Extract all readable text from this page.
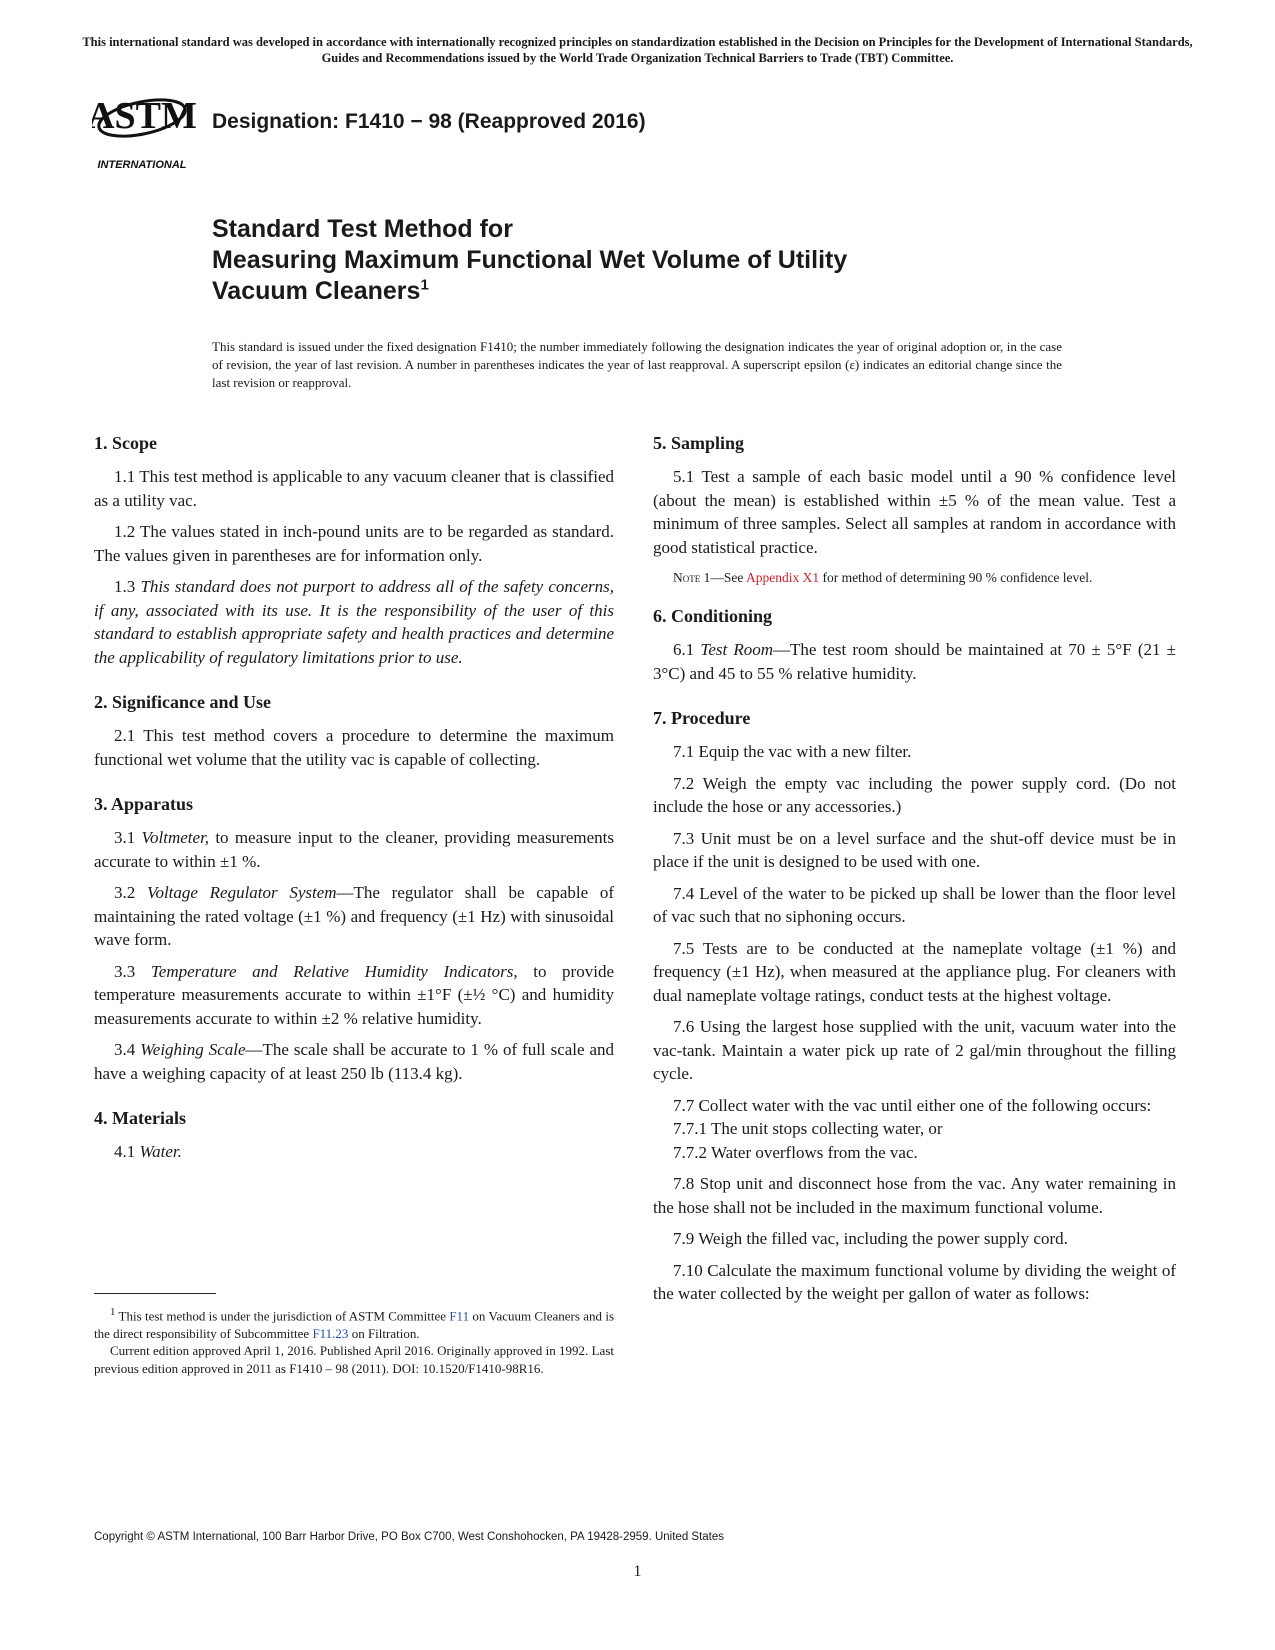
This international standard was developed in accordance with internationally recognized principles on standardization established in the Decision on Principles for the Development of International Standards, Guides and Recommendations issued by the World Trade Organization Technical Barriers to Trade (TBT) Committee.
ASTM
INTERNATIONAL
Designation: F1410 − 98 (Reapproved 2016)
Standard Test Method for
Measuring Maximum Functional Wet Volume of Utility
Vacuum Cleaners$^1$
This standard is issued under the fixed designation F1410; the number immediately following the designation indicates the year of original adoption or, in the case of revision, the year of last revision. A number in parentheses indicates the year of last reapproval. A superscript epsilon (ε) indicates an editorial change since the last revision or reapproval.
1. Scope

1.1 This test method is applicable to any vacuum cleaner that is classified as a utility vac.

1.2 The values stated in inch-pound units are to be regarded as standard. The values given in parentheses are for information only.

1.3 This standard does not purport to address all of the safety concerns, if any, associated with its use. It is the responsibility of the user of this standard to establish appropriate safety and health practices and determine the applicability of regulatory limitations prior to use.

2. Significance and Use

2.1 This test method covers a procedure to determine the maximum functional wet volume that the utility vac is capable of collecting.

3. Apparatus

3.1 Voltmeter, to measure input to the cleaner, providing measurements accurate to within ±1 %.

3.2 Voltage Regulator System—The regulator shall be capable of maintaining the rated voltage (±1 %) and frequency (±1 Hz) with sinusoidal wave form.

3.3 Temperature and Relative Humidity Indicators, to provide temperature measurements accurate to within ±1°F (±½ °C) and humidity measurements accurate to within ±2 % relative humidity.

3.4 Weighing Scale—The scale shall be accurate to 1 % of full scale and have a weighing capacity of at least 250 lb (113.4 kg).

4. Materials

4.1 Water.

$^1$ This test method is under the jurisdiction of ASTM Committee F11 on Vacuum Cleaners and is the direct responsibility of Subcommittee F11.23 on Filtration.

Current edition approved April 1, 2016. Published April 2016. Originally approved in 1992. Last previous edition approved in 2011 as F1410 – 98 (2011). DOI: 10.1520/F1410-98R16.

5. Sampling

5.1 Test a sample of each basic model until a 90 % confidence level (about the mean) is established within ±5 % of the mean value. Test a minimum of three samples. Select all samples at random in accordance with good statistical practice.

Note 1—See Appendix X1 for method of determining 90 % confidence level.

6. Conditioning

6.1 Test Room—The test room should be maintained at 70 ± 5°F (21 ± 3°C) and 45 to 55 % relative humidity.

7. Procedure

7.1 Equip the vac with a new filter.

7.2 Weigh the empty vac including the power supply cord. (Do not include the hose or any accessories.)

7.3 Unit must be on a level surface and the shut-off device must be in place if the unit is designed to be used with one.

7.4 Level of the water to be picked up shall be lower than the floor level of vac such that no siphoning occurs.

7.5 Tests are to be conducted at the nameplate voltage (±1 %) and frequency (±1 Hz), when measured at the appliance plug. For cleaners with dual nameplate voltage ratings, conduct tests at the highest voltage.

7.6 Using the largest hose supplied with the unit, vacuum water into the vac-tank. Maintain a water pick up rate of 2 gal/min throughout the filling cycle.

7.7 Collect water with the vac until either one of the following occurs:

7.7.1 The unit stops collecting water, or

7.7.2 Water overflows from the vac.

7.8 Stop unit and disconnect hose from the vac. Any water remaining in the hose shall not be included in the maximum functional volume.

7.9 Weigh the filled vac, including the power supply cord.

7.10 Calculate the maximum functional volume by dividing the weight of the water collected by the weight per gallon of water as follows:

Copyright © ASTM International, 100 Barr Harbor Drive, PO Box C700, West Conshohocken, PA 19428-2959. United States
1
